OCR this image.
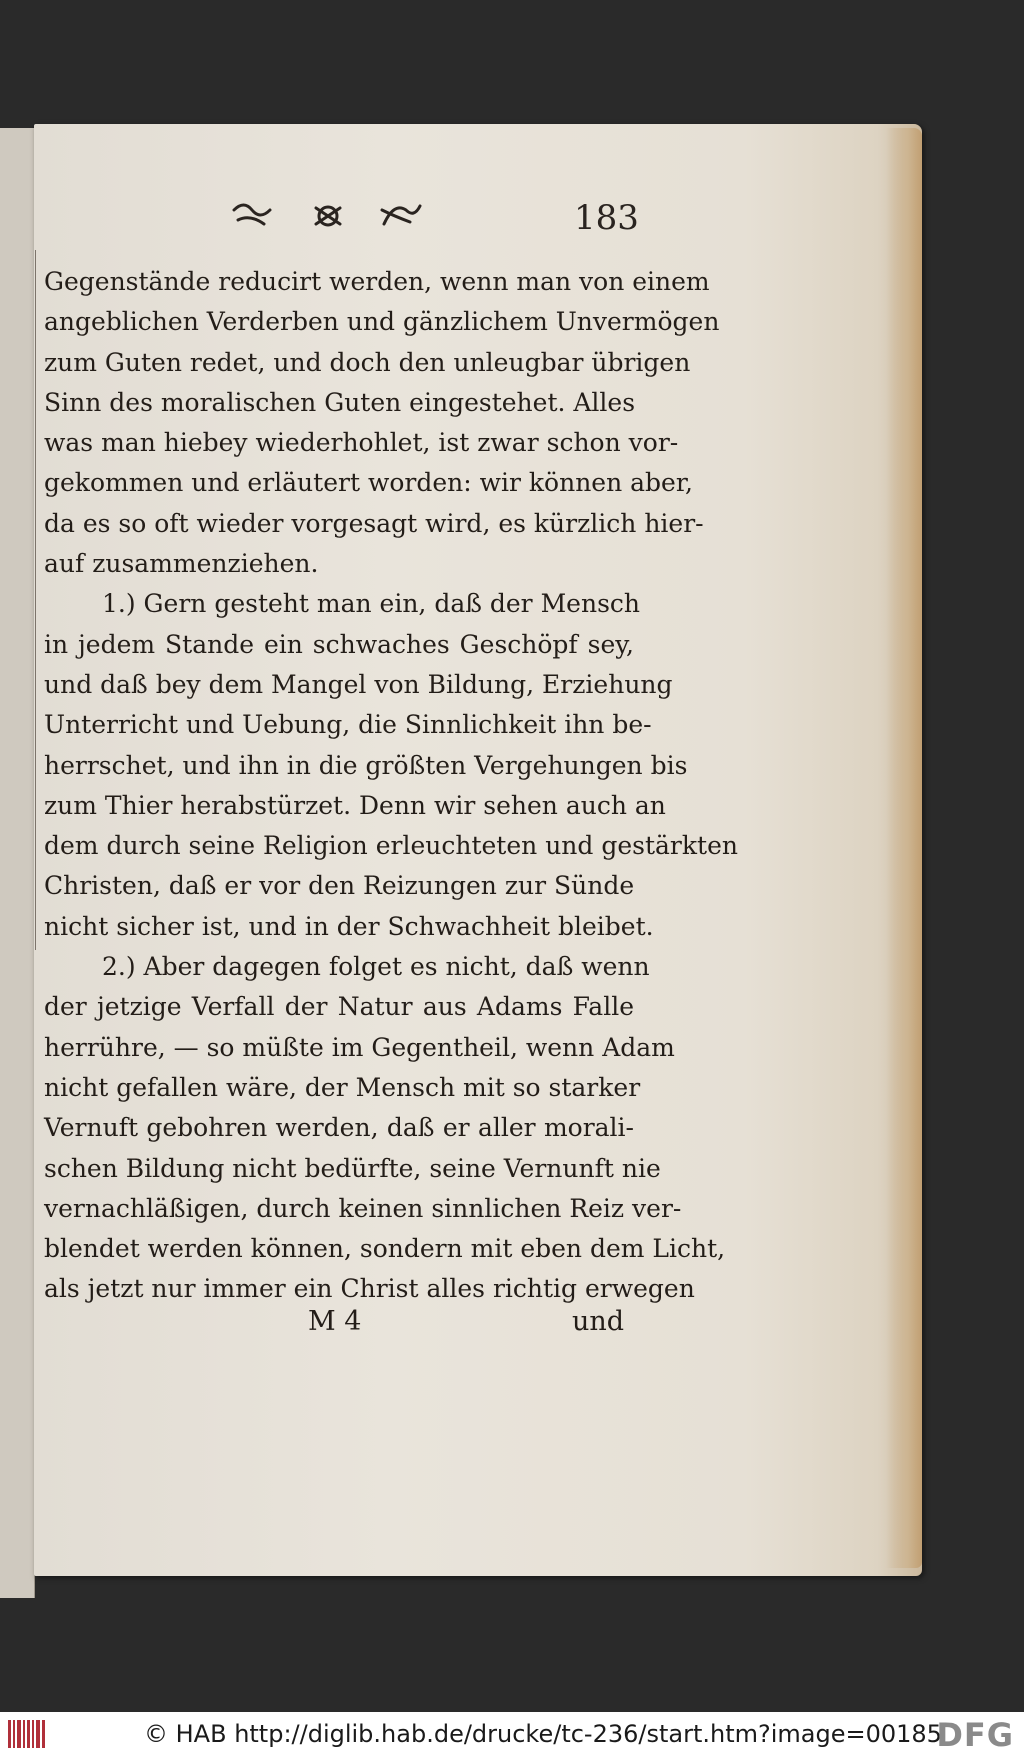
183
Gegenstände reducirt werden, wenn man von einem
angeblichen Verderben und gänzlichem Unvermögen
zum Guten redet, und doch den unleugbar übrigen
Sinn des moralischen Guten eingestehet. Alles
was man hiebey wiederhohlet, ist zwar schon vor-
gekommen und erläutert worden: wir können aber,
da es so oft wieder vorgesagt wird, es kürzlich hier-
auf zusammenziehen.
1.) Gern gesteht man ein, daß der Mensch
in jedem Stande ein schwaches Geschöpf sey,
und daß bey dem Mangel von Bildung, Erziehung
Unterricht und Uebung, die Sinnlichkeit ihn be-
herrschet, und ihn in die größten Vergehungen bis
zum Thier herabstürzet. Denn wir sehen auch an
dem durch seine Religion erleuchteten und gestärkten
Christen, daß er vor den Reizungen zur Sünde
nicht sicher ist, und in der Schwachheit bleibet.
2.) Aber dagegen folget es nicht, daß wenn
der jetzige Verfall der Natur aus Adams Falle
herrühre, — so müßte im Gegentheil, wenn Adam
nicht gefallen wäre, der Mensch mit so starker
Vernuft gebohren werden, daß er aller morali-
schen Bildung nicht bedürfte, seine Vernunft nie
vernachläßigen, durch keinen sinnlichen Reiz ver-
blendet werden können, sondern mit eben dem Licht,
als jetzt nur immer ein Christ alles richtig erwegen
M 4	und
© HAB http://diglib.hab.de/drucke/tc-236/start.htm?image=00185
DFG
